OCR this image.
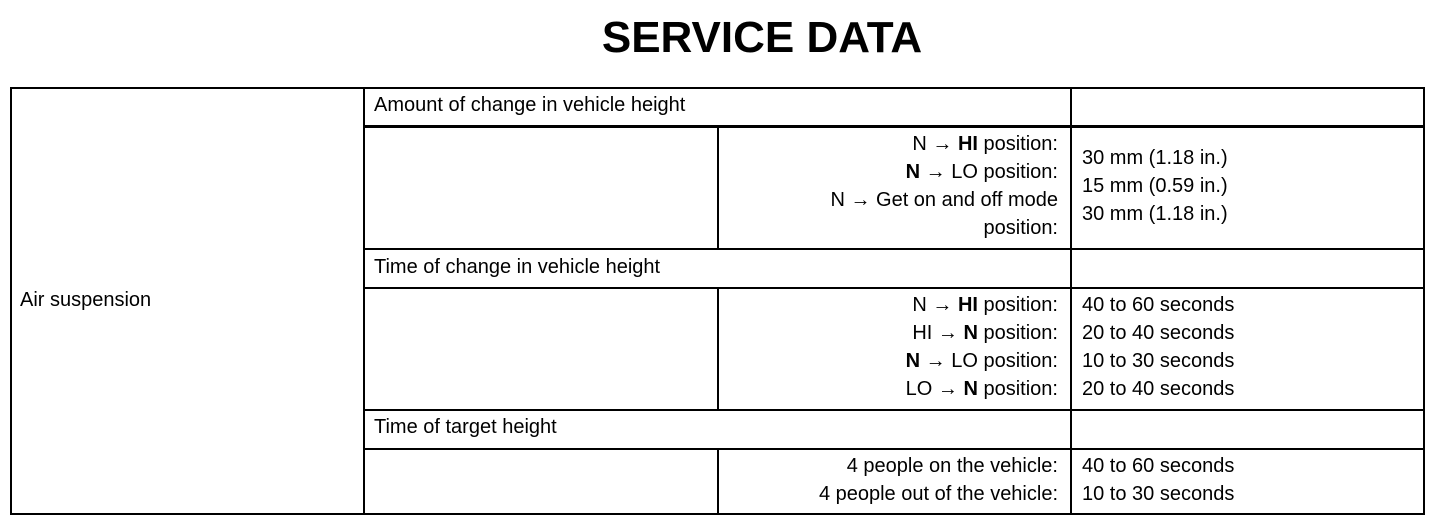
SERVICE DATA
Air suspension
Amount of change in vehicle height
Time of change in vehicle height
Time of target height
N → HI position:
N → LO position:
N → Get on and off mode
position:
N → HI position:
HI → N position:
N → LO position:
LO → N position:
4 people on the vehicle:
4 people out of the vehicle:
30 mm (1.18 in.)
15 mm (0.59 in.)
30 mm (1.18 in.)
40 to 60 seconds
20 to 40 seconds
10 to 30 seconds
20 to 40 seconds
40 to 60 seconds
10 to 30 seconds
